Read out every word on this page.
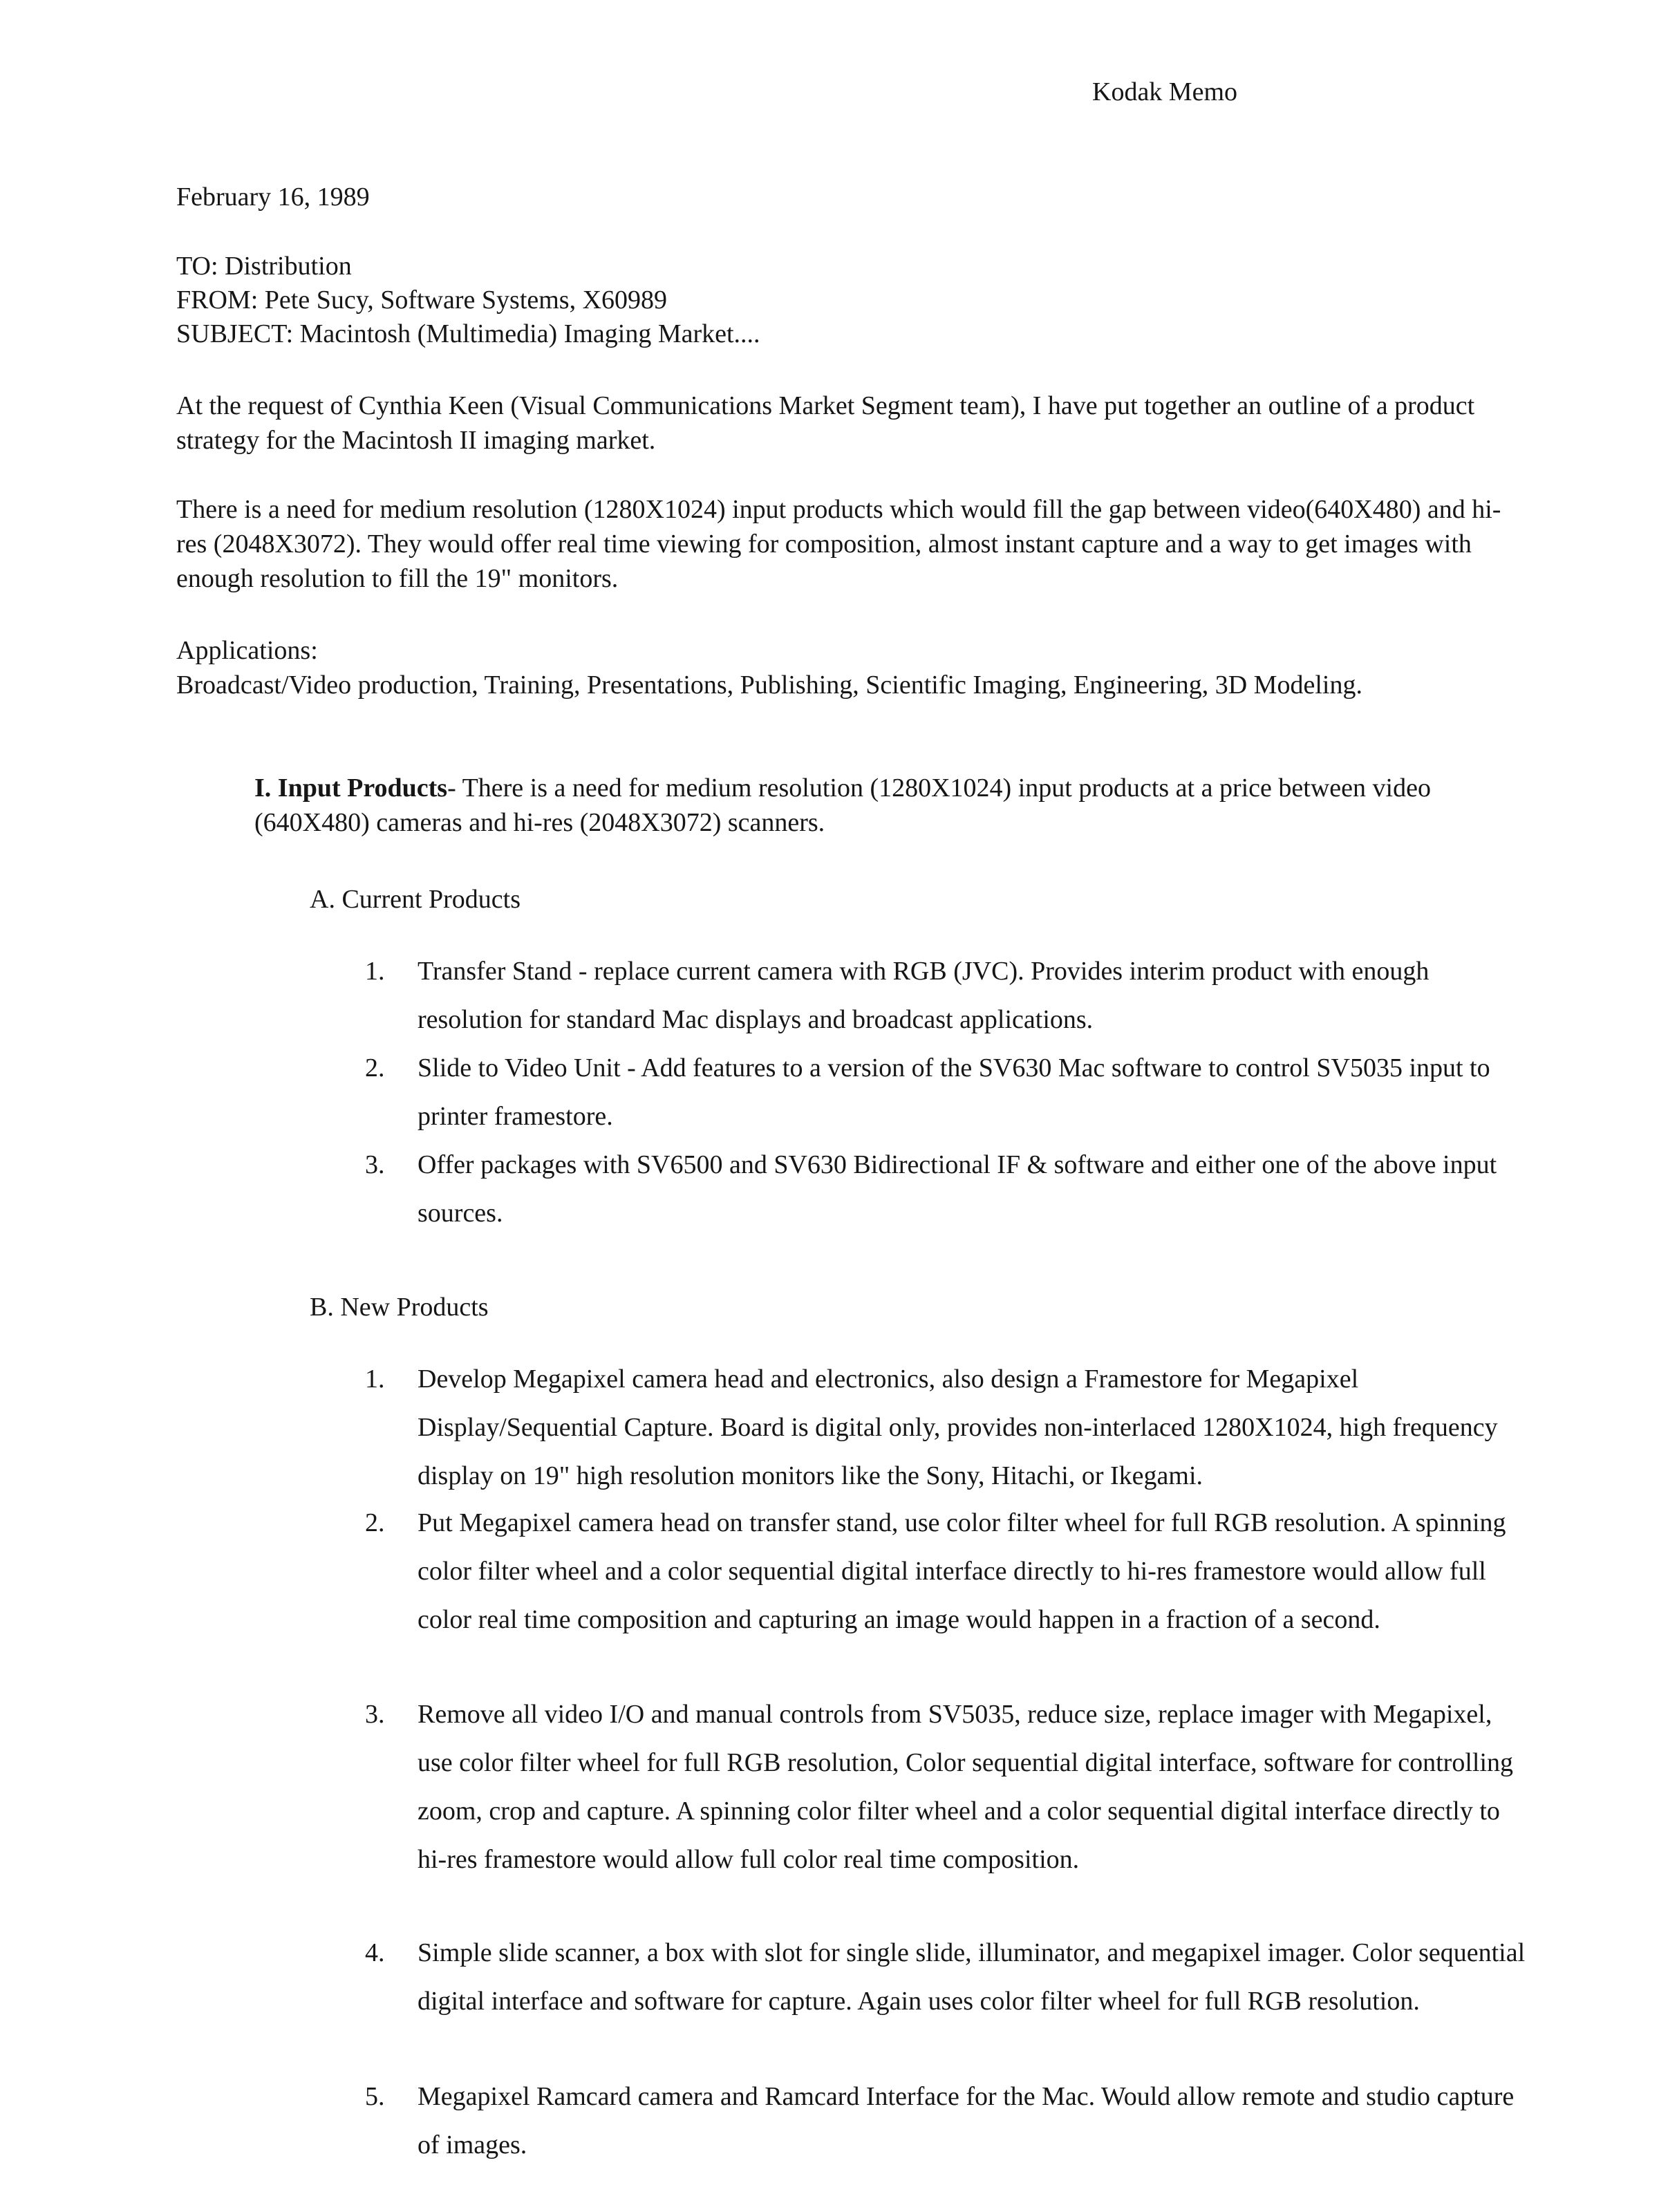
Kodak Memo
February 16, 1989
TO: Distribution
FROM: Pete Sucy, Software Systems, X60989
SUBJECT: Macintosh (Multimedia) Imaging Market....
At the request of Cynthia Keen (Visual Communications Market Segment team), I have put together an outline of a product strategy for the Macintosh II imaging market.
There is a need for medium resolution (1280X1024) input products which would fill the gap between video(640X480) and hi-res (2048X3072). They would offer real time viewing for composition, almost instant capture and a way to get images with enough resolution to fill the 19" monitors.
Applications:
Broadcast/Video production, Training, Presentations, Publishing, Scientific Imaging, Engineering, 3D Modeling.
I. Input Products- There is a need for medium resolution (1280X1024) input products at a price between video (640X480) cameras and hi-res (2048X3072) scanners.
A. Current Products
1. Transfer Stand - replace current camera with RGB (JVC). Provides interim product with enough resolution for standard Mac displays and broadcast applications.
2. Slide to Video Unit - Add features to a version of the SV630 Mac software to control SV5035 input to printer framestore.
3. Offer packages with SV6500 and SV630 Bidirectional IF & software and either one of the above input sources.
B. New Products
1. Develop Megapixel camera head and electronics, also design a Framestore for Megapixel Display/Sequential Capture. Board is digital only, provides non-interlaced 1280X1024, high frequency display on 19" high resolution monitors like the Sony, Hitachi, or Ikegami.
2. Put Megapixel camera head on transfer stand, use color filter wheel for full RGB resolution. A spinning color filter wheel and a color sequential digital interface directly to hi-res framestore would allow full color real time composition and capturing an image would happen in a fraction of a second.
3. Remove all video I/O and manual controls from SV5035, reduce size, replace imager with Megapixel, use color filter wheel for full RGB resolution, Color sequential digital interface, software for controlling zoom, crop and capture. A spinning color filter wheel and a color sequential digital interface directly to hi-res framestore would allow full color real time composition.
4. Simple slide scanner, a box with slot for single slide, illuminator, and megapixel imager. Color sequential digital interface and software for capture. Again uses color filter wheel for full RGB resolution.
5. Megapixel Ramcard camera and Ramcard Interface for the Mac. Would allow remote and studio capture of images.
